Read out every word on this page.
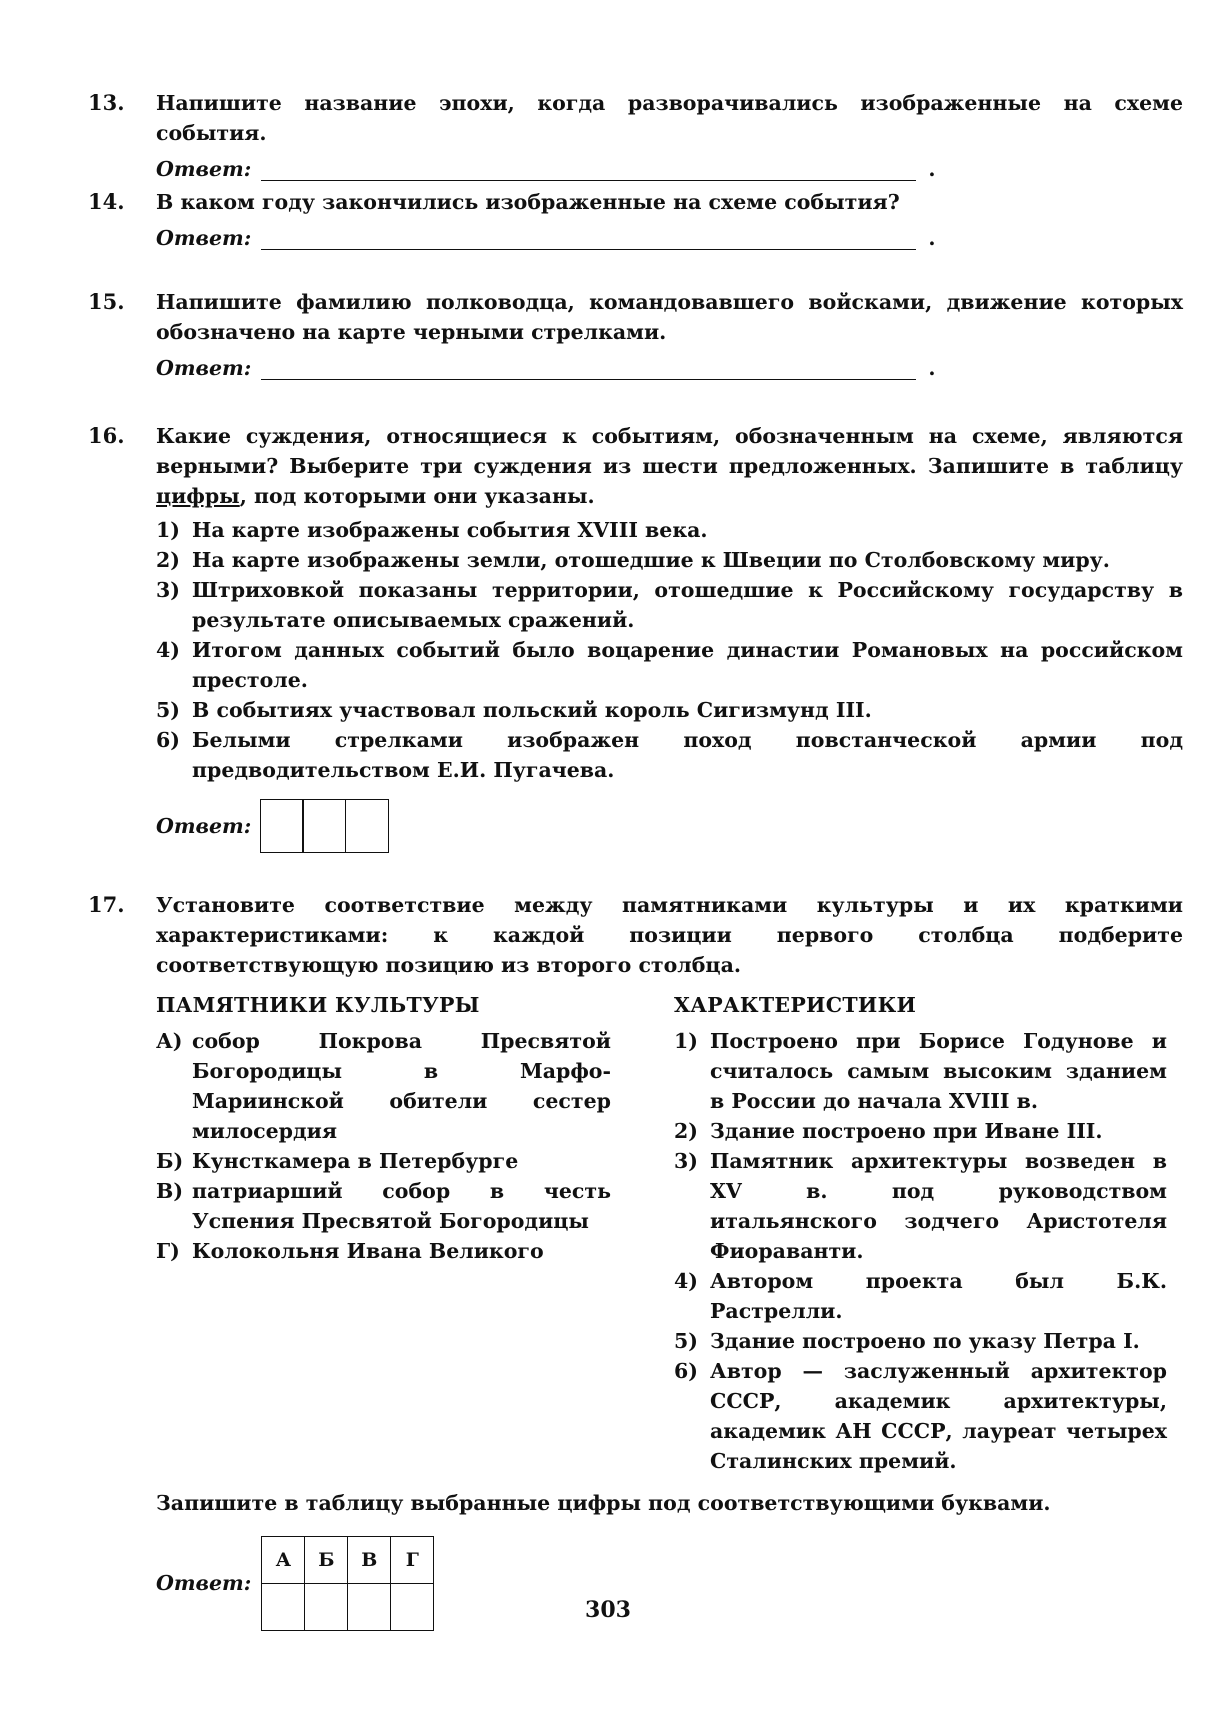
13. Напишите название эпохи, когда разворачивались изображенные на схеме события.
Ответ:	.
14. В каком году закончились изображенные на схеме события?
Ответ:	.
15. Напишите фамилию полководца, командовавшего войсками, движение которых обозначено на карте черными стрелками.
Ответ:	.
16. Какие суждения, относящиеся к событиям, обозначенным на схеме, являются верными? Выберите три суждения из шести предложенных. Запишите в таблицу цифры, под которыми они указаны.
1) На карте изображены события XVIII века.
2) На карте изображены земли, отошедшие к Швеции по Столбовскому миру.
3) Штриховкой показаны территории, отошедшие к Российскому государству в результате описываемых сражений.
4) Итогом данных событий было воцарение династии Романовых на российском престоле.
5) В событиях участвовал польский король Сигизмунд III.
6) Белыми стрелками изображен поход повстанческой армии под предводительством Е.И. Пугачева.
Ответ:
17. Установите соответствие между памятниками культуры и их краткими характеристиками: к каждой позиции первого столбца подберите соответствующую позицию из второго столбца.
ПАМЯТНИКИ КУЛЬТУРЫ
А) собор Покрова Пресвятой Богородицы в Марфо-Мариинской обители сестер милосердия
Б) Кунсткамера в Петербурге
В) патриарший собор в честь Успения Пресвятой Богородицы
Г) Колокольня Ивана Великого
ХАРАКТЕРИСТИКИ
1) Построено при Борисе Годунове и считалось самым высоким зданием в России до начала XVIII в.
2) Здание построено при Иване III.
3) Памятник архитектуры возведен в XV в. под руководством итальянского зодчего Аристотеля Фиораванти.
4) Автором проекта был Б.К. Растрелли.
5) Здание построено по указу Петра I.
6) Автор — заслуженный архитектор СССР, академик архитектуры, академик АН СССР, лауреат четырех Сталинских премий.
Запишите в таблицу выбранные цифры под соответствующими буквами.
Ответ:
А	Б	В	Г

303
